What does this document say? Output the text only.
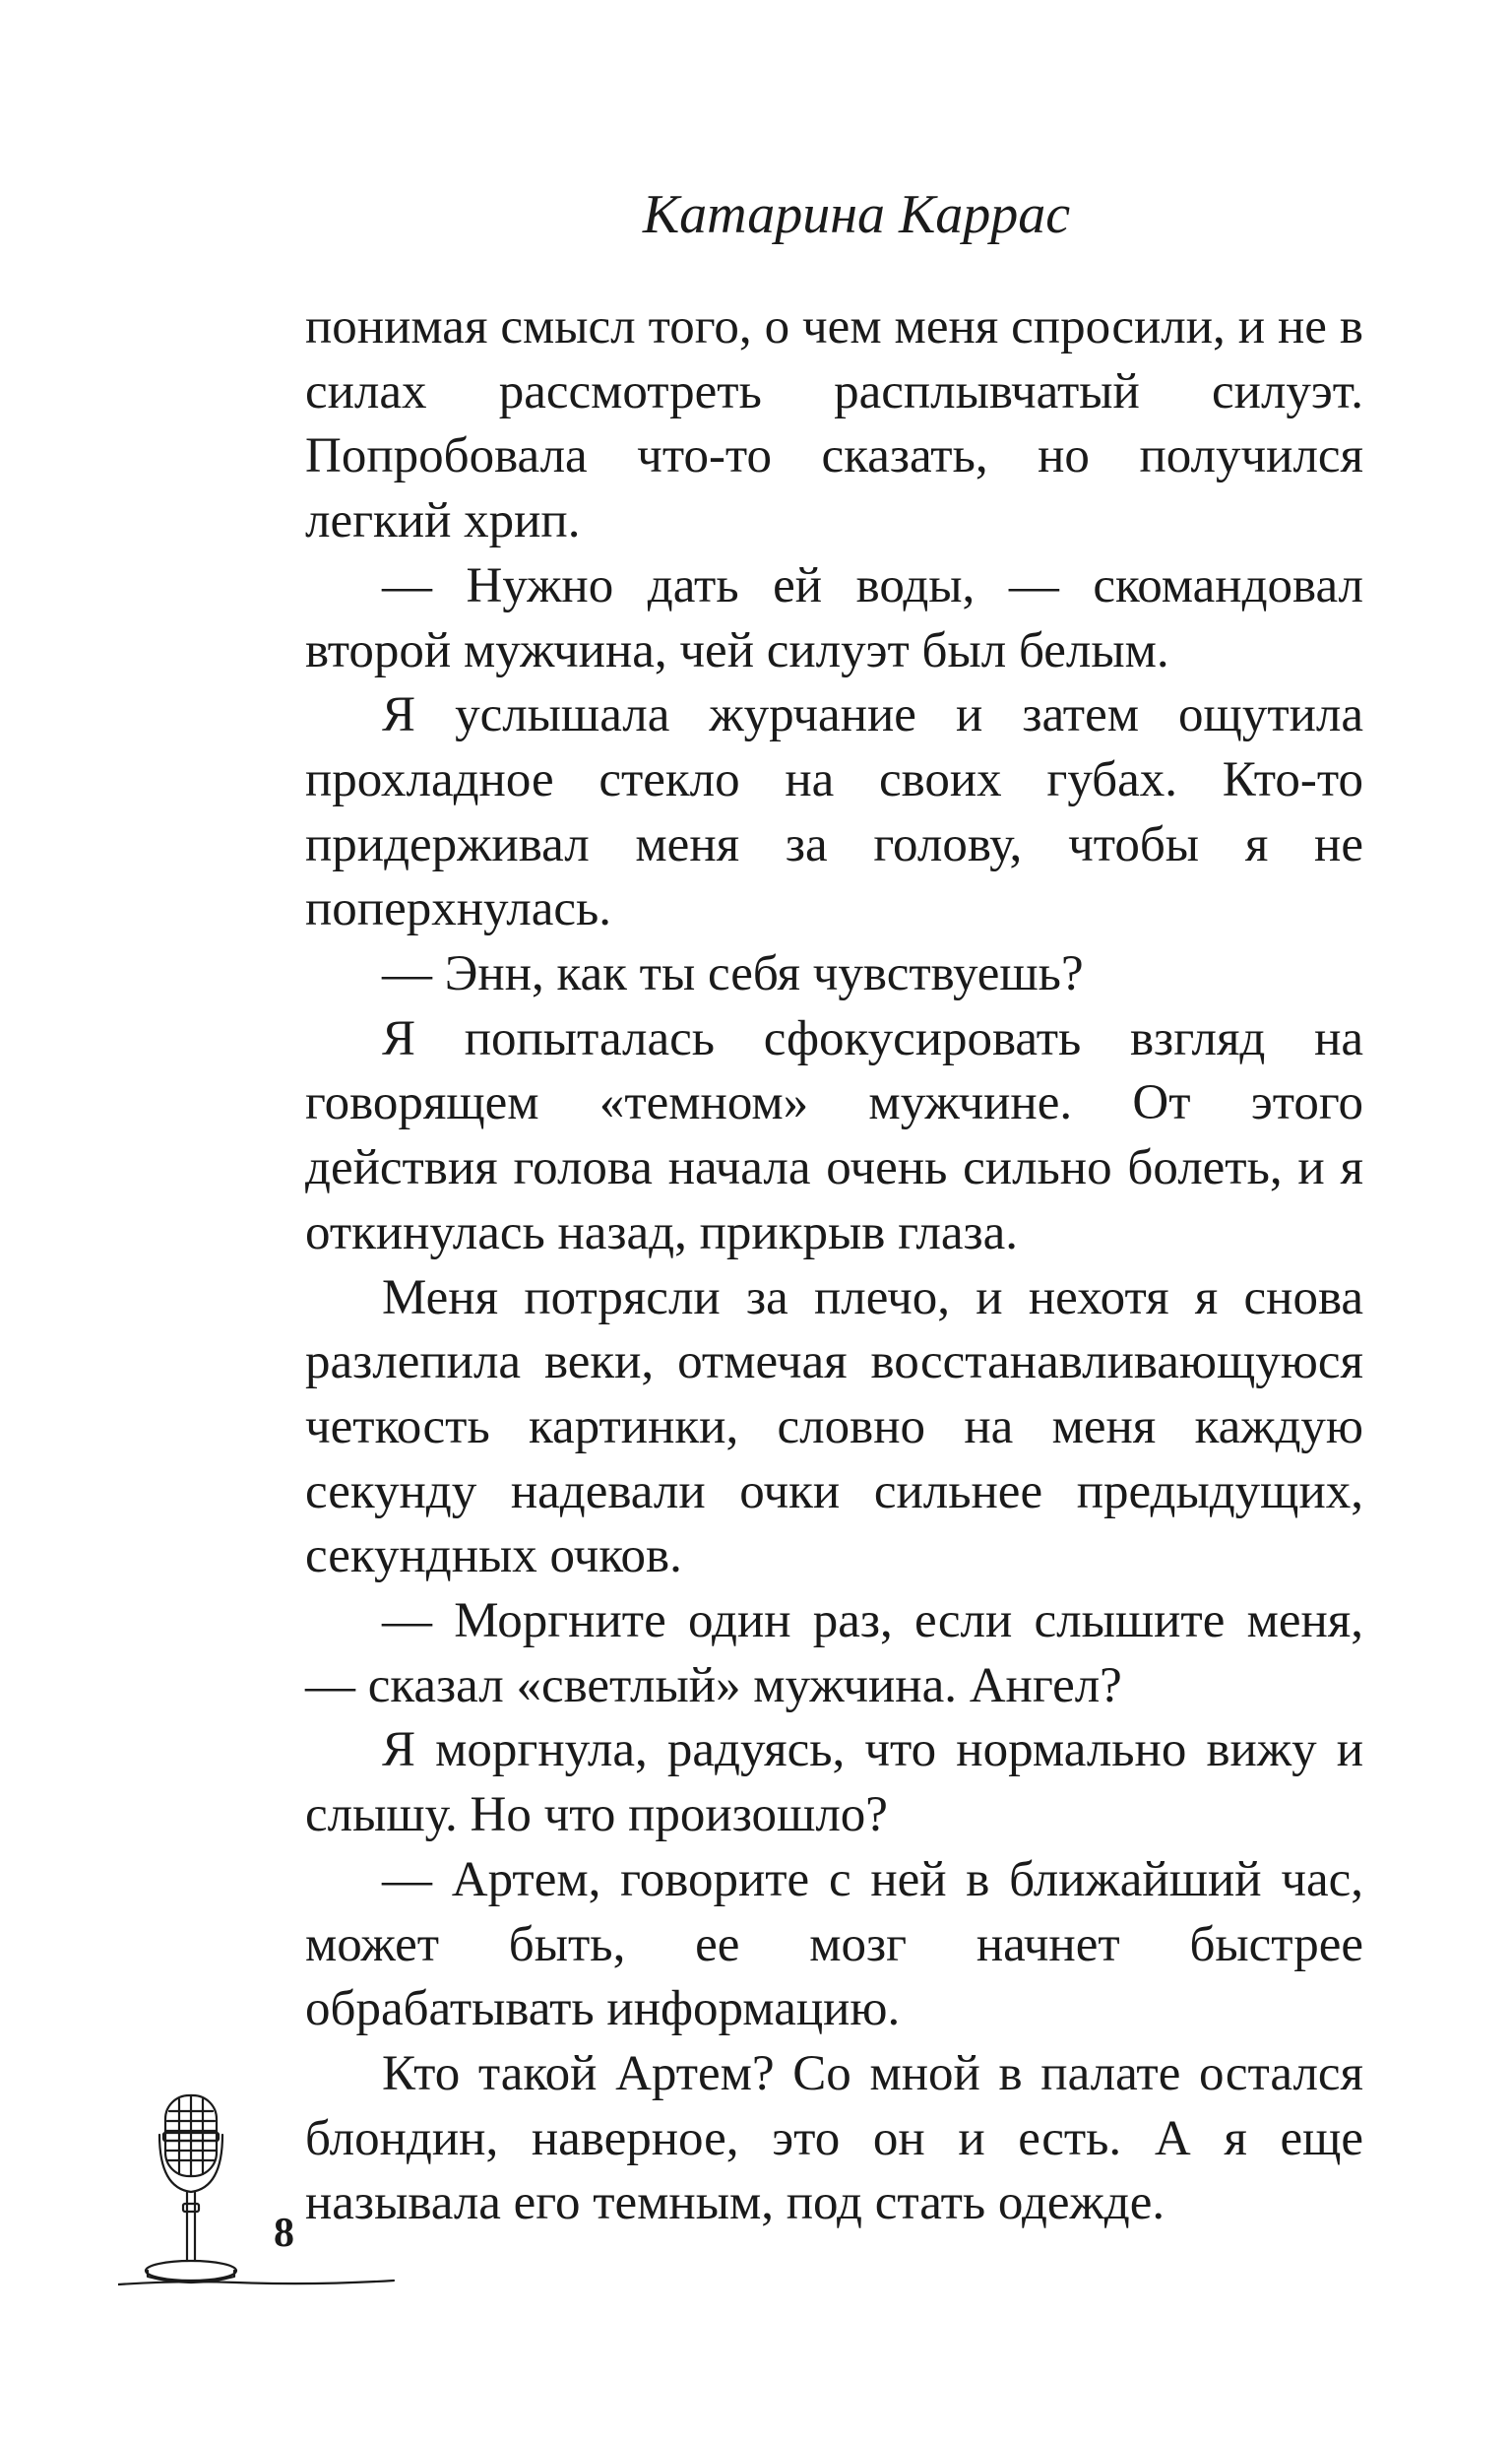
Катарина Каррас

понимая смысл того, о чем меня спросили, и не в силах рассмотреть расплывчатый силуэт. Попробовала что-то сказать, но получился легкий хрип.

— Нужно дать ей воды, — скомандовал второй мужчина, чей силуэт был белым.

Я услышала журчание и затем ощутила прохладное стекло на своих губах. Кто-то придерживал меня за голову, чтобы я не поперхнулась.

— Энн, как ты себя чувствуешь?

Я попыталась сфокусировать взгляд на говорящем «темном» мужчине. От этого действия голова начала очень сильно болеть, и я откинулась назад, прикрыв глаза.

Меня потрясли за плечо, и нехотя я снова разлепила веки, отмечая восстанавливающуюся четкость картинки, словно на меня каждую секунду надевали очки сильнее предыдущих, секундных очков.

— Моргните один раз, если слышите меня, — сказал «светлый» мужчина. Ангел?

Я моргнула, радуясь, что нормально вижу и слышу. Но что произошло?

— Артем, говорите с ней в ближайший час, может быть, ее мозг начнет быстрее обрабатывать информацию.

Кто такой Артем? Со мной в палате остался блондин, наверное, это он и есть. А я еще называла его темным, под стать одежде.

8
